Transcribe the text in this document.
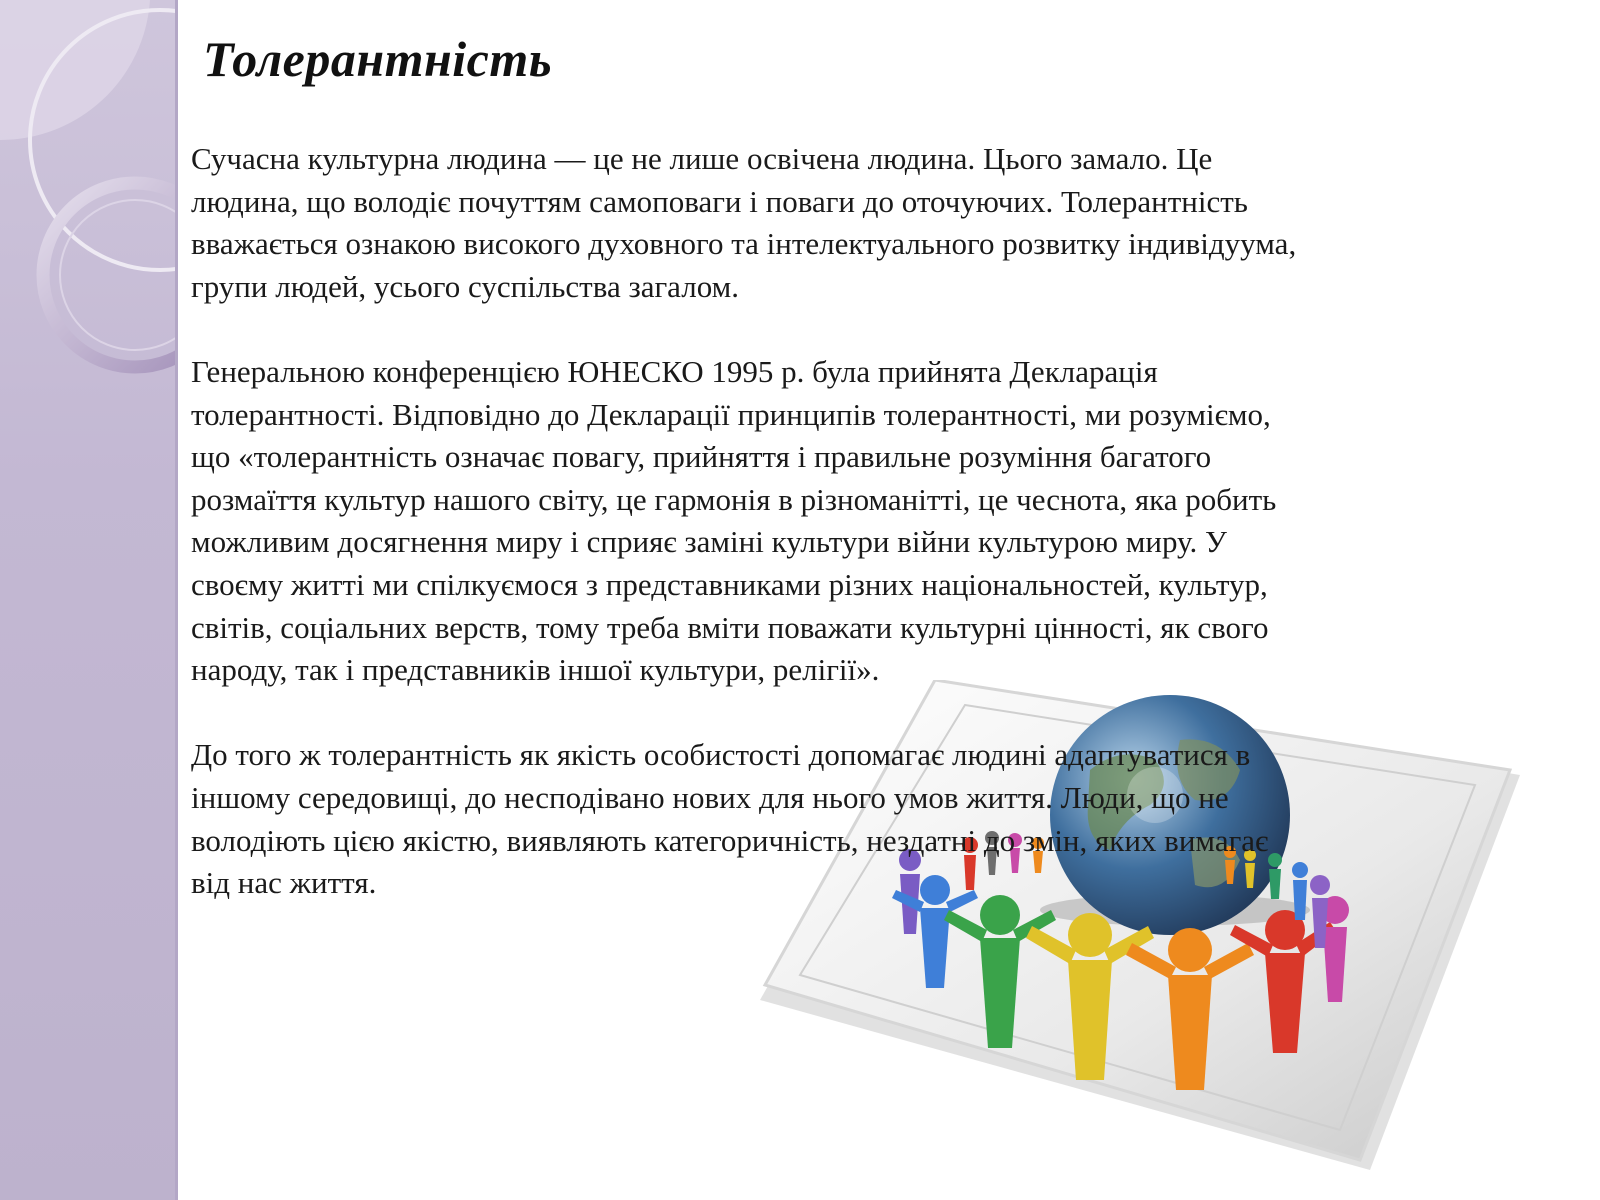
Толерантність

Сучасна культурна людина — це не лише освічена людина. Цього замало. Це
людина, що володіє почуттям самоповаги і поваги до оточуючих. Толерантність
вважається ознакою високого духовного та інтелектуального розвитку індивідуума,
групи людей, усього суспільства загалом.

Генеральною конференцією ЮНЕСКО 1995 р. була прийнята Декларація
толерантності. Відповідно до Декларації принципів толерантності, ми розуміємо,
що «толерантність означає повагу, прийняття і правильне розуміння багатого
розмаїття культур нашого світу, це гармонія в різноманітті, це чеснота, яка робить
можливим досягнення миру і сприяє заміні культури війни культурою миру. У
своєму житті ми спілкуємося з представниками різних національностей, культур,
світів, соціальних верств, тому треба вміти поважати культурні цінності, як свого
народу, так і представників іншої культури, релігії».

До того ж толерантність як якість особистості допомагає людині адаптуватися в
іншому середовищі, до несподівано нових для нього умов життя. Люди, що не
володіють цією якістю, виявляють категоричність, нездатні до змін, яких вимагає
від нас життя.
